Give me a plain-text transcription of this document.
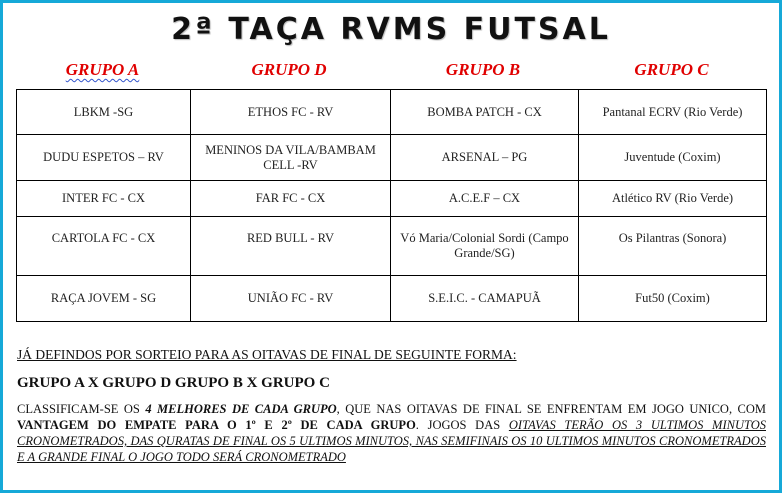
2ª TAÇA RVMS FUTSAL
GRUPO A	GRUPO D	GRUPO B	GRUPO C
LBKM -SG	ETHOS FC - RV	BOMBA PATCH - CX	Pantanal ECRV (Rio Verde)
DUDU ESPETOS – RV	MENINOS DA VILA/BAMBAM CELL -RV	ARSENAL – PG	Juventude (Coxim)
INTER FC - CX	FAR FC - CX	A.C.E.F – CX	Atlético RV (Rio Verde)
CARTOLA FC - CX	RED BULL - RV	Vó Maria/Colonial Sordi (Campo Grande/SG)	Os Pilantras (Sonora)
RAÇA JOVEM - SG	UNIÃO FC - RV	S.E.I.C. - CAMAPUÃ	Fut50 (Coxim)
JÁ DEFINDOS POR SORTEIO PARA AS OITAVAS DE FINAL DE SEGUINTE FORMA:
GRUPO A X GRUPO D GRUPO B X GRUPO C
CLASSIFICAM-SE OS 4 MELHORES DE CADA GRUPO, QUE NAS OITAVAS DE FINAL SE ENFRENTAM EM JOGO UNICO, COM VANTAGEM DO EMPATE PARA O 1º E 2º DE CADA GRUPO. JOGOS DAS OITAVAS TERÃO OS 3 ULTIMOS MINUTOS CRONOMETRADOS, DAS QURATAS DE FINAL OS 5 ULTIMOS MINUTOS, NAS SEMIFINAIS OS 10 ULTIMOS MINUTOS CRONOMETRADOS E A GRANDE FINAL O JOGO TODO SERÁ CRONOMETRADO
